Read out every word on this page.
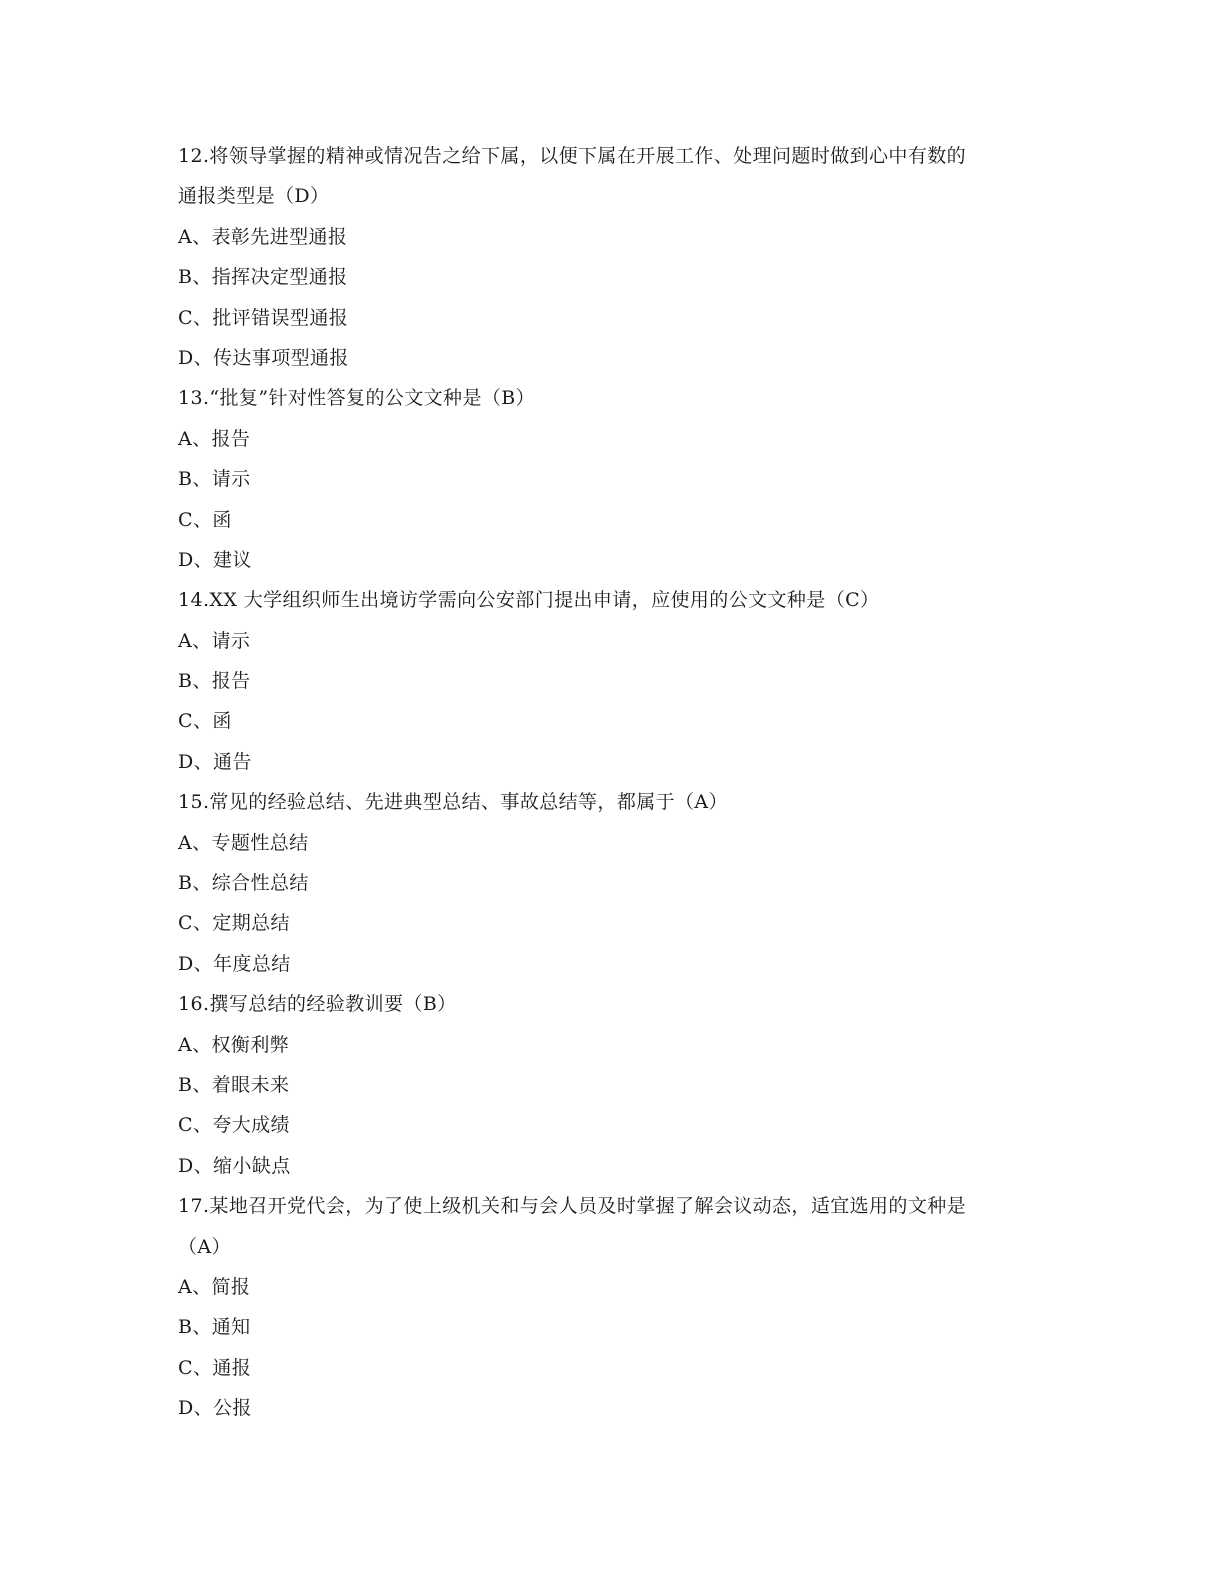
12.将领导掌握的精神或情况告之给下属，以便下属在开展工作、处理问题时做到心中有数的
通报类型是（D）
A、表彰先进型通报
B、指挥决定型通报
C、批评错误型通报
D、传达事项型通报
13.“批复”针对性答复的公文文种是（B）
A、报告
B、请示
C、函
D、建议
14.XX 大学组织师生出境访学需向公安部门提出申请，应使用的公文文种是（C）
A、请示
B、报告
C、函
D、通告
15.常见的经验总结、先进典型总结、事故总结等，都属于（A）
A、专题性总结
B、综合性总结
C、定期总结
D、年度总结
16.撰写总结的经验教训要（B）
A、权衡利弊
B、着眼未来
C、夸大成绩
D、缩小缺点
17.某地召开党代会，为了使上级机关和与会人员及时掌握了解会议动态，适宜选用的文种是
（A）
A、简报
B、通知
C、通报
D、公报
